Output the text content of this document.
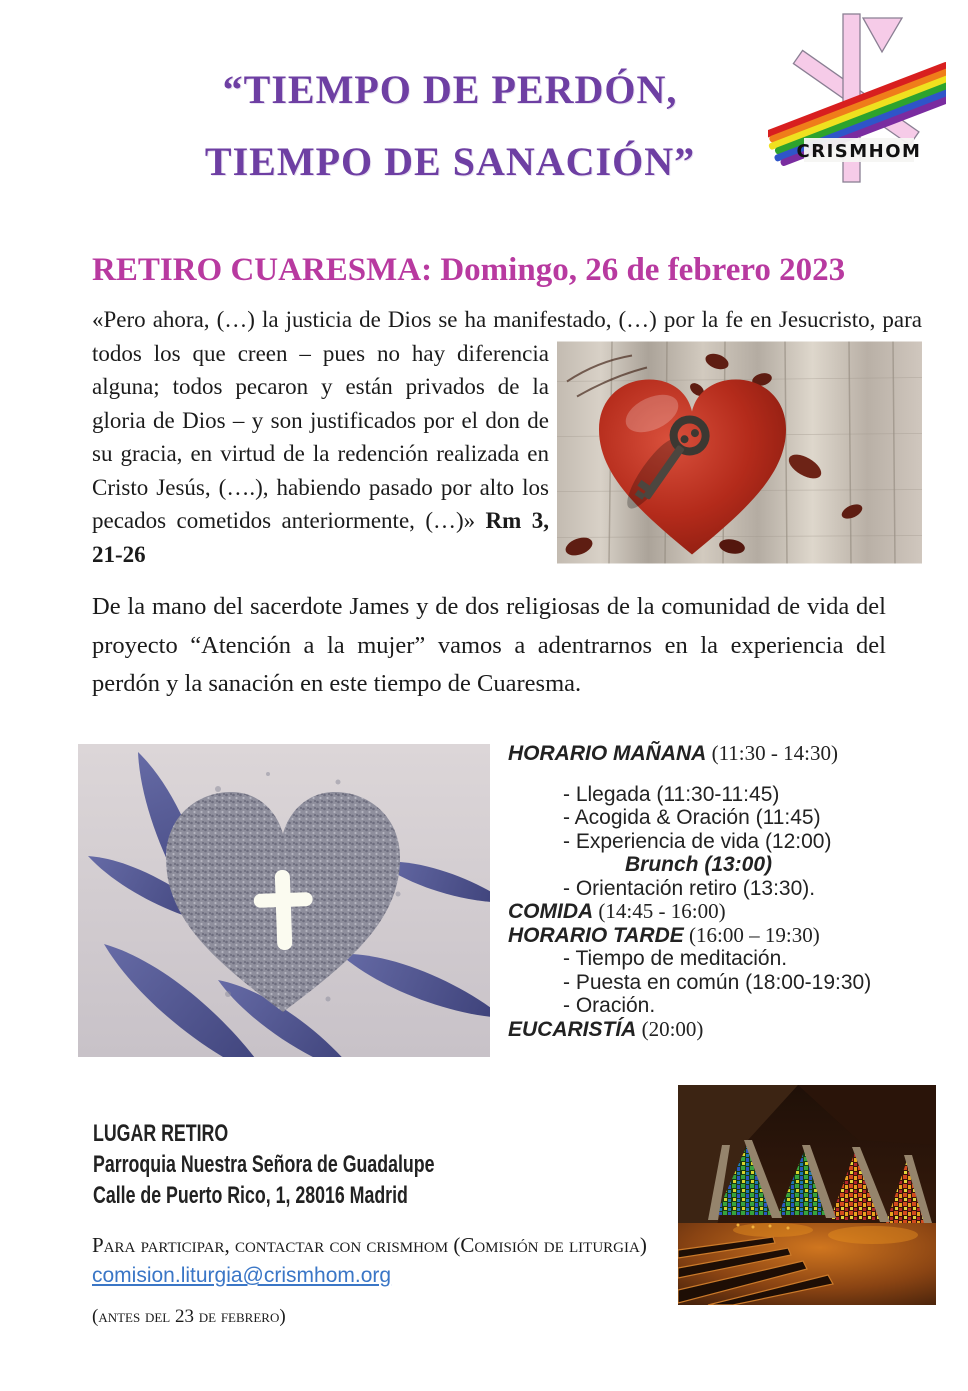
“TIEMPO DE PERDÓN,
TIEMPO DE SANACIÓN”	CRISMHOM
RETIRO CUARESMA: Domingo, 26 de febrero 2023

«Pero ahora, (…) la justicia de Dios se ha manifestado, (…) por la fe en Jesucristo, para todos los que creen – pues no hay diferencia alguna; todos pecaron y están privados de la gloria de Dios – y son justificados por el don de su gracia, en virtud de la redención realizada en Cristo Jesús, (….), habiendo pasado por alto los pecados cometidos anteriormente, (…)» Rm 3, 21-26

De la mano del sacerdote James y de dos religiosas de la comunidad de vida del proyecto “Atención a la mujer” vamos a adentrarnos en la experiencia del perdón y la sanación en este tiempo de Cuaresma.

HORARIO MAÑANA (11:30 - 14:30)
- Llegada (11:30-11:45)
- Acogida & Oración (11:45)
- Experiencia de vida (12:00)
Brunch (13:00)
- Orientación retiro (13:30).
COMIDA (14:45 - 16:00)
HORARIO TARDE (16:00 – 19:30)
- Tiempo de meditación.
- Puesta en común (18:00-19:30)
- Oración.
EUCARISTÍA (20:00)
LUGAR RETIRO
Parroquia Nuestra Señora de Guadalupe
Calle de Puerto Rico, 1, 28016 Madrid
Para participar, contactar con crismhom (Comisión de liturgia)
comision.liturgia@crismhom.org
(antes del 23 de febrero)
